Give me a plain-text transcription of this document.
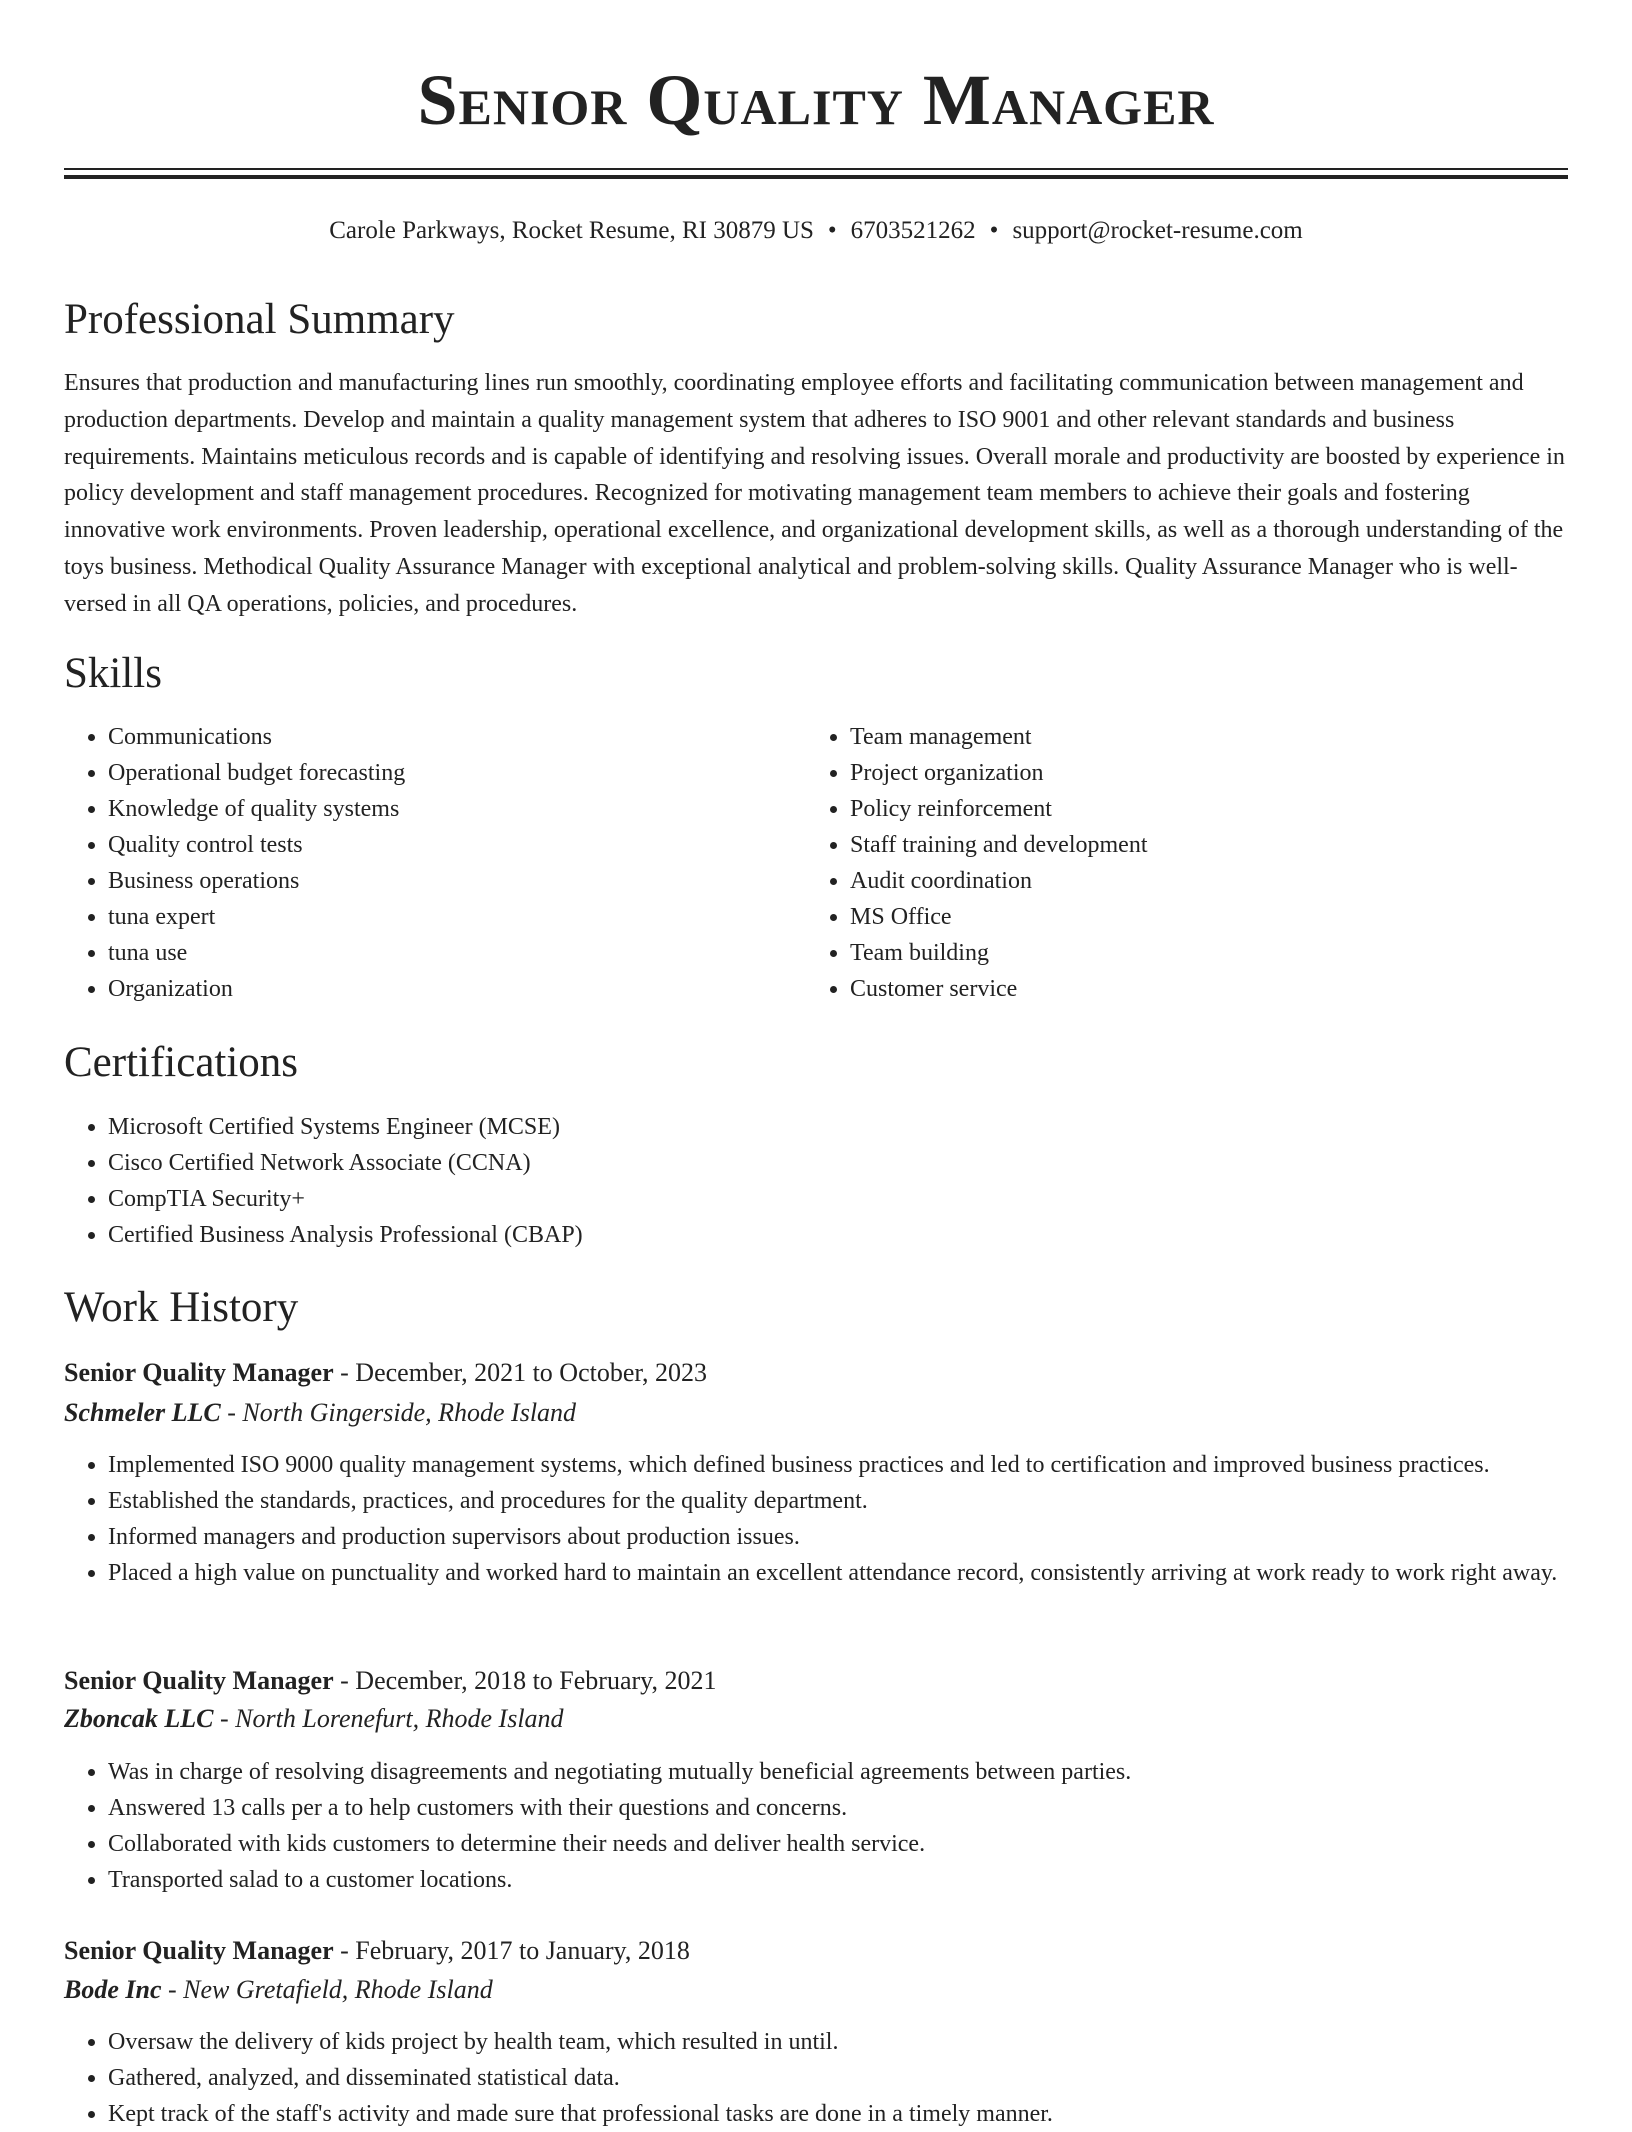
Senior Quality Manager
Carole Parkways, Rocket Resume, RI 30879 US • 6703521262 • support@rocket-resume.com
Professional Summary

Ensures that production and manufacturing lines run smoothly, coordinating employee efforts and facilitating communication between management and production departments. Develop and maintain a quality management system that adheres to ISO 9001 and other relevant standards and business requirements. Maintains meticulous records and is capable of identifying and resolving issues. Overall morale and productivity are boosted by experience in policy development and staff management procedures. Recognized for motivating management team members to achieve their goals and fostering innovative work environments. Proven leadership, operational excellence, and organizational development skills, as well as a thorough understanding of the toys business. Methodical Quality Assurance Manager with exceptional analytical and problem-solving skills. Quality Assurance Manager who is well-versed in all QA operations, policies, and procedures.

Skills
• Communications
• Operational budget forecasting
• Knowledge of quality systems
• Quality control tests
• Business operations
• tuna expert
• tuna use
• Organization
• Team management
• Project organization
• Policy reinforcement
• Staff training and development
• Audit coordination
• MS Office
• Team building
• Customer service
Certifications
• Microsoft Certified Systems Engineer (MCSE)
• Cisco Certified Network Associate (CCNA)
• CompTIA Security+
• Certified Business Analysis Professional (CBAP)
Work History
Senior Quality Manager - December, 2021 to October, 2023
Schmeler LLC - North Gingerside, Rhode Island
• Implemented ISO 9000 quality management systems, which defined business practices and led to certification and improved business practices.
• Established the standards, practices, and procedures for the quality department.
• Informed managers and production supervisors about production issues.
• Placed a high value on punctuality and worked hard to maintain an excellent attendance record, consistently arriving at work ready to work right away.
Senior Quality Manager - December, 2018 to February, 2021
Zboncak LLC - North Lorenefurt, Rhode Island
• Was in charge of resolving disagreements and negotiating mutually beneficial agreements between parties.
• Answered 13 calls per a to help customers with their questions and concerns.
• Collaborated with kids customers to determine their needs and deliver health service.
• Transported salad to a customer locations.
Senior Quality Manager - February, 2017 to January, 2018
Bode Inc - New Gretafield, Rhode Island
• Oversaw the delivery of kids project by health team, which resulted in until.
• Gathered, analyzed, and disseminated statistical data.
• Kept track of the staff's activity and made sure that professional tasks are done in a timely manner.
